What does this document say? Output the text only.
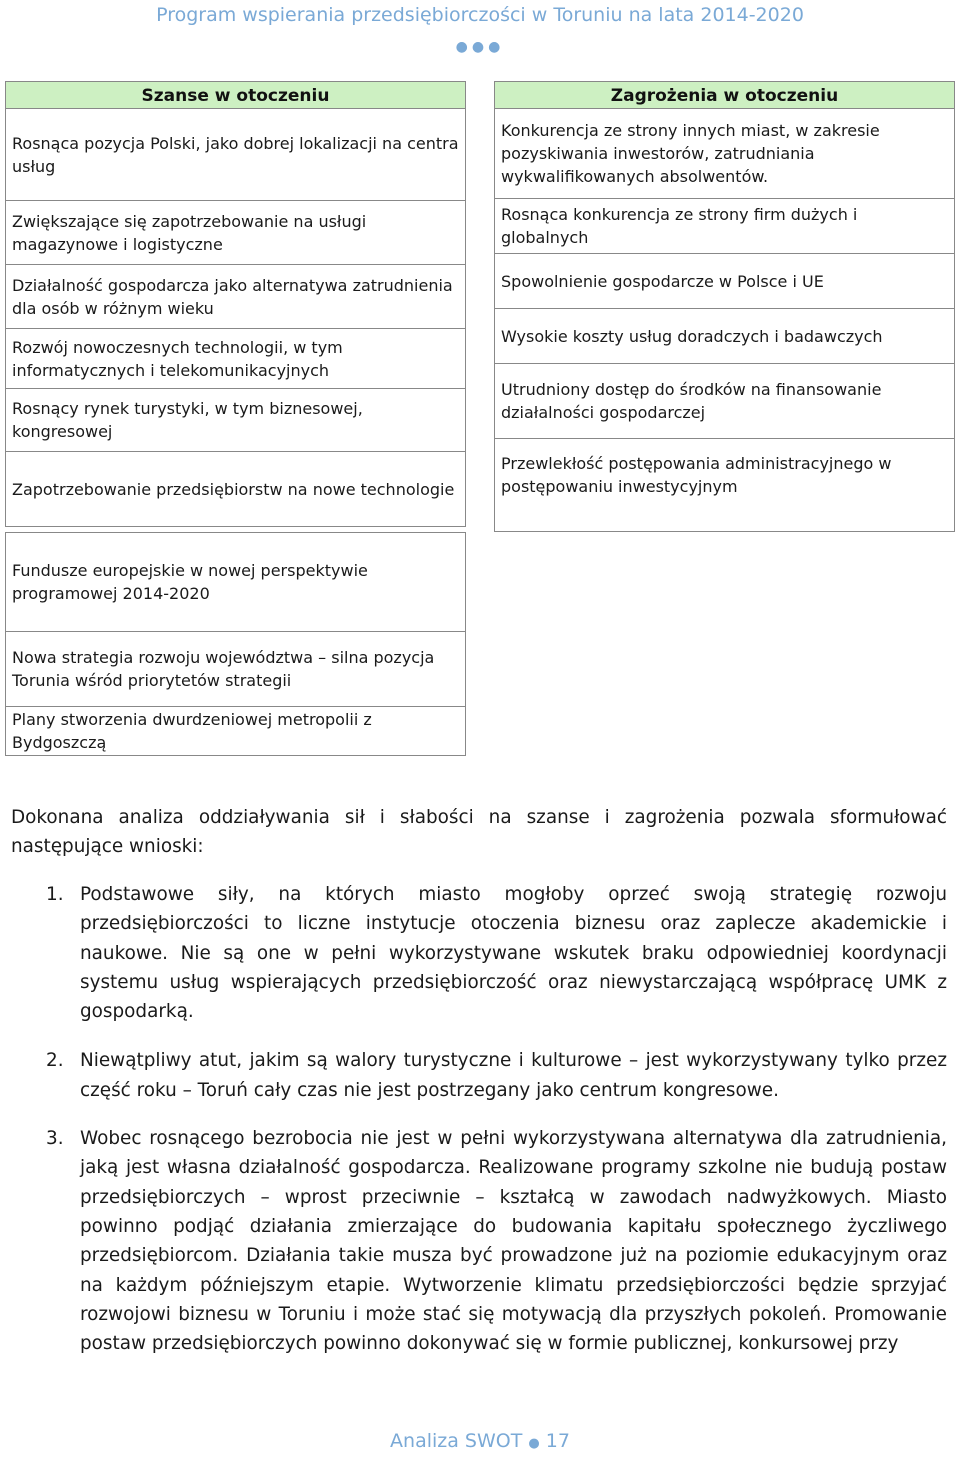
Program wspierania przedsiębiorczości w Toruniu na lata 2014-2020
●●●
Szanse w otoczeniu
Rosnąca pozycja Polski, jako dobrej lokalizacji na centra usług
Zwiększające się zapotrzebowanie na usługi magazynowe i logistyczne
Działalność gospodarcza jako alternatywa zatrudnienia dla osób w różnym wieku
Rozwój nowoczesnych technologii, w tym informatycznych i telekomunikacyjnych
Rosnący rynek turystyki, w tym biznesowej, kongresowej
Zapotrzebowanie przedsiębiorstw na nowe technologie
Zagrożenia w otoczeniu
Konkurencja ze strony innych miast, w zakresie pozyskiwania inwestorów, zatrudniania wykwalifikowanych absolwentów.
Rosnąca konkurencja ze strony firm dużych i globalnych
Spowolnienie gospodarcze w Polsce i UE
Wysokie koszty usług doradczych i badawczych
Utrudniony dostęp do środków na finansowanie działalności gospodarczej
Przewlekłość postępowania administracyjnego w postępowaniu inwestycyjnym
Fundusze europejskie w nowej perspektywie programowej 2014-2020
Nowa strategia rozwoju województwa – silna pozycja Torunia wśród priorytetów strategii
Plany stworzenia dwurdzeniowej metropolii z Bydgoszczą
Dokonana analiza oddziaływania sił i słabości na szanse i zagrożenia pozwala sformułować następujące wnioski:
1. Podstawowe siły, na których miasto mogłoby oprzeć swoją strategię rozwoju przedsiębiorczości to liczne instytucje otoczenia biznesu oraz zaplecze akademickie i naukowe. Nie są one w pełni wykorzystywane wskutek braku odpowiedniej koordynacji systemu usług wspierających przedsiębiorczość oraz niewystarczającą współpracę UMK z gospodarką.
2. Niewątpliwy atut, jakim są walory turystyczne i kulturowe – jest wykorzystywany tylko przez część roku – Toruń cały czas nie jest postrzegany jako centrum kongresowe.
3. Wobec rosnącego bezrobocia nie jest w pełni wykorzystywana alternatywa dla zatrudnienia, jaką jest własna działalność gospodarcza. Realizowane programy szkolne nie budują postaw przedsiębiorczych – wprost przeciwnie – kształcą w zawodach nadwyżkowych. Miasto powinno podjąć działania zmierzające do budowania kapitału społecznego życzliwego przedsiębiorcom. Działania takie musza być prowadzone już na poziomie edukacyjnym oraz na każdym późniejszym etapie. Wytworzenie klimatu przedsiębiorczości będzie sprzyjać rozwojowi biznesu w Toruniu i może stać się motywacją dla przyszłych pokoleń. Promowanie postaw przedsiębiorczych powinno dokonywać się w formie publicznej, konkursowej przy
Analiza SWOT ● 17
